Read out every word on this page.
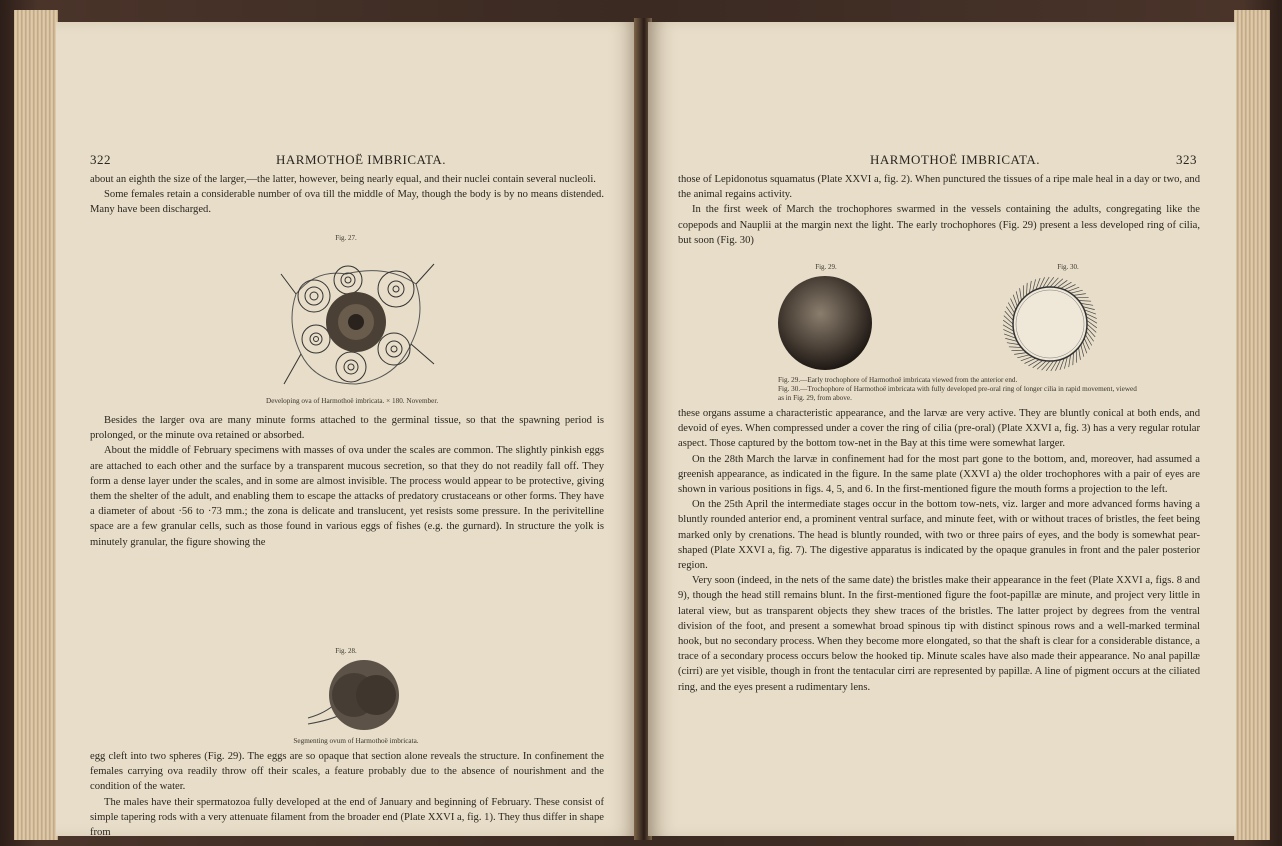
322	HARMOTHOË IMBRICATA.

about an eighth the size of the larger,—the latter, however, being nearly equal, and their nuclei contain several nucleoli.

Some females retain a considerable number of ova till the middle of May, though the body is by no means distended. Many have been discharged.

Fig. 27.
Developing ova of Harmothoë imbricata. × 180. November.

Besides the larger ova are many minute forms attached to the germinal tissue, so that the spawning period is prolonged, or the minute ova retained or absorbed.

About the middle of February specimens with masses of ova under the scales are common. The slightly pinkish eggs are attached to each other and the surface by a transparent mucous secretion, so that they do not readily fall off. They form a dense layer under the scales, and in some are almost invisible. The process would appear to be protective, giving them the shelter of the adult, and enabling them to escape the attacks of predatory crustaceans or other forms. They have a diameter of about ·56 to ·73 mm.; the zona is delicate and translucent, yet resists some pressure. In the perivitelline space are a few granular cells, such as those found in various eggs of fishes (e.g. the gurnard). In structure the yolk is minutely granular, the figure showing the

Fig. 28.
Segmenting ovum of Harmothoë imbricata.

egg cleft into two spheres (Fig. 29). The eggs are so opaque that section alone reveals the structure. In confinement the females carrying ova readily throw off their scales, a feature probably due to the absence of nourishment and the condition of the water.

The males have their spermatozoa fully developed at the end of January and beginning of February. These consist of simple tapering rods with a very attenuate filament from the broader end (Plate XXVI a, fig. 1). They thus differ in shape from

HARMOTHOË IMBRICATA.	323

those of Lepidonotus squamatus (Plate XXVI a, fig. 2). When punctured the tissues of a ripe male heal in a day or two, and the animal regains activity.

In the first week of March the trochophores swarmed in the vessels containing the adults, congregating like the copepods and Nauplii at the margin next the light. The early trochophores (Fig. 29) present a less developed ring of cilia, but soon (Fig. 30)

Fig. 29.	Fig. 30.
Fig. 29.—Early trochophore of Harmothoë imbricata viewed from the anterior end.
Fig. 30.—Trochophore of Harmothoë imbricata with fully developed pre-oral ring of longer cilia in rapid movement, viewed as in Fig. 29, from above.

these organs assume a characteristic appearance, and the larvæ are very active. They are bluntly conical at both ends, and devoid of eyes. When compressed under a cover the ring of cilia (pre-oral) (Plate XXVI a, fig. 3) has a very regular rotular aspect. Those captured by the bottom tow-net in the Bay at this time were somewhat larger.

On the 28th March the larvæ in confinement had for the most part gone to the bottom, and, moreover, had assumed a greenish appearance, as indicated in the figure. In the same plate (XXVI a) the older trochophores with a pair of eyes are shown in various positions in figs. 4, 5, and 6. In the first-mentioned figure the mouth forms a projection to the left.

On the 25th April the intermediate stages occur in the bottom tow-nets, viz. larger and more advanced forms having a bluntly rounded anterior end, a prominent ventral surface, and minute feet, with or without traces of bristles, the feet being marked only by crenations. The head is bluntly rounded, with two or three pairs of eyes, and the body is somewhat pear-shaped (Plate XXVI a, fig. 7). The digestive apparatus is indicated by the opaque granules in front and the paler posterior region.

Very soon (indeed, in the nets of the same date) the bristles make their appearance in the feet (Plate XXVI a, figs. 8 and 9), though the head still remains blunt. In the first-mentioned figure the foot-papillæ are minute, and project very little in lateral view, but as transparent objects they shew traces of the bristles. The latter project by degrees from the ventral division of the foot, and present a somewhat broad spinous tip with distinct spinous rows and a well-marked terminal hook, but no secondary process. When they become more elongated, so that the shaft is clear for a considerable distance, a trace of a secondary process occurs below the hooked tip. Minute scales have also made their appearance. No anal papillæ (cirri) are yet visible, though in front the tentacular cirri are represented by papillæ. A line of pigment occurs at the ciliated ring, and the eyes present a rudimentary lens.
